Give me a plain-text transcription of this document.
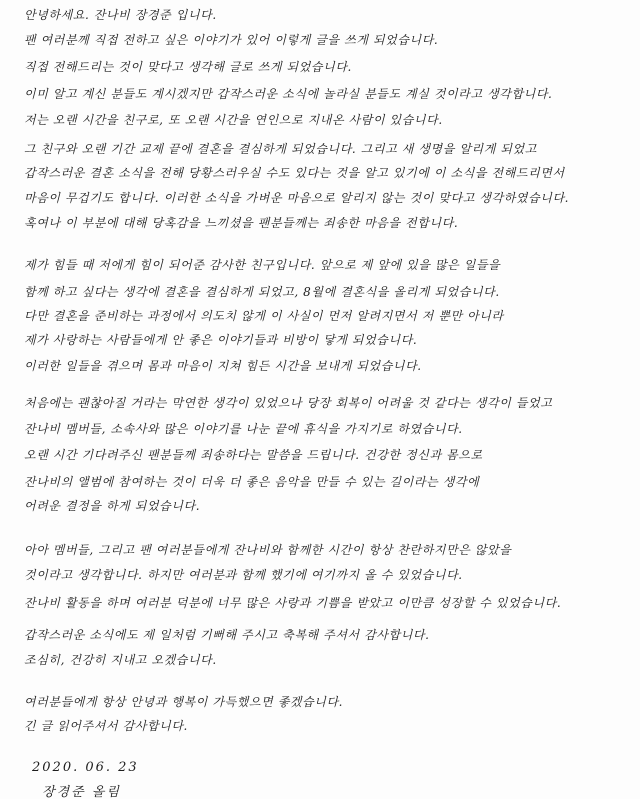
안녕하세요. 잔나비 장경준 입니다.
팬 여러분께 직접 전하고 싶은 이야기가 있어 이렇게 글을 쓰게 되었습니다.
직접 전해드리는 것이 맞다고 생각해 글로 쓰게 되었습니다.
이미 알고 계신 분들도 계시겠지만 갑작스러운 소식에 놀라실 분들도 계실 것이라고 생각합니다.
저는 오랜 시간을 친구로, 또 오랜 시간을 연인으로 지내온 사람이 있습니다.
그 친구와 오랜 기간 교제 끝에 결혼을 결심하게 되었습니다. 그리고 새 생명을 알리게 되었고
갑작스러운 결혼 소식을 전해 당황스러우실 수도 있다는 것을 알고 있기에 이 소식을 전해드리면서
마음이 무겁기도 합니다. 이러한 소식을 가벼운 마음으로 알리지 않는 것이 맞다고 생각하였습니다.
혹여나 이 부분에 대해 당혹감을 느끼셨을 팬분들께는 죄송한 마음을 전합니다.
제가 힘들 때 저에게 힘이 되어준 감사한 친구입니다. 앞으로 제 앞에 있을 많은 일들을
함께 하고 싶다는 생각에 결혼을 결심하게 되었고, 8월에 결혼식을 올리게 되었습니다.
다만 결혼을 준비하는 과정에서 의도치 않게 이 사실이 먼저 알려지면서 저 뿐만 아니라
제가 사랑하는 사람들에게 안 좋은 이야기들과 비방이 닿게 되었습니다.
이러한 일들을 겪으며 몸과 마음이 지쳐 힘든 시간을 보내게 되었습니다.
처음에는 괜찮아질 거라는 막연한 생각이 있었으나 당장 회복이 어려울 것 같다는 생각이 들었고
잔나비 멤버들, 소속사와 많은 이야기를 나눈 끝에 휴식을 가지기로 하였습니다.
오랜 시간 기다려주신 팬분들께 죄송하다는 말씀을 드립니다. 건강한 정신과 몸으로
잔나비의 앨범에 참여하는 것이 더욱 더 좋은 음악을 만들 수 있는 길이라는 생각에
어려운 결정을 하게 되었습니다.
아아 멤버들, 그리고 팬 여러분들에게 잔나비와 함께한 시간이 항상 찬란하지만은 않았을
것이라고 생각합니다. 하지만 여러분과 함께 했기에 여기까지 올 수 있었습니다.
잔나비 활동을 하며 여러분 덕분에 너무 많은 사랑과 기쁨을 받았고 이만큼 성장할 수 있었습니다.
갑작스러운 소식에도 제 일처럼 기뻐해 주시고 축복해 주셔서 감사합니다.
조심히, 건강히 지내고 오겠습니다.
여러분들에게 항상 안녕과 행복이 가득했으면 좋겠습니다.
긴 글 읽어주셔서 감사합니다.
2020. 06. 23
장경준 올림
